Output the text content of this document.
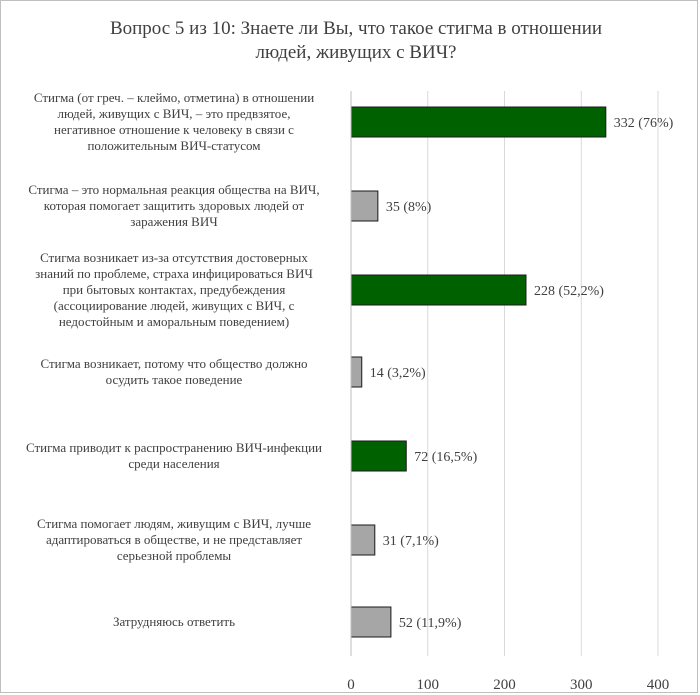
Вопрос 5 из 10: Знаете ли Вы, что такое стигма в отношении
людей, живущих с ВИЧ?
Стигма (от греч. – клеймо, отметина) в отношении
людей, живущих с ВИЧ, – это предвзятое,
негативное отношение к человеку в связи с
положительным ВИЧ-статусом
Стигма – это нормальная реакция общества на ВИЧ,
которая помогает защитить здоровых людей от
заражения ВИЧ
Стигма возникает из-за отсутствия достоверных
знаний по проблеме, страха инфицироваться ВИЧ
при бытовых контактах, предубеждения
(ассоциирование людей, живущих с ВИЧ, с
недостойным и аморальным поведением)
Стигма возникает, потому что общество должно
осудить такое поведение
Стигма приводит к распространению ВИЧ-инфекции
среди населения
Стигма помогает людям, живущим с ВИЧ, лучше
адаптироваться в обществе, и не представляет
серьезной проблемы
Затрудняюсь ответить
0	100	200	300	400
332 (76%)
35 (8%)
228 (52,2%)
14 (3,2%)
72 (16,5%)
31 (7,1%)
52 (11,9%)
